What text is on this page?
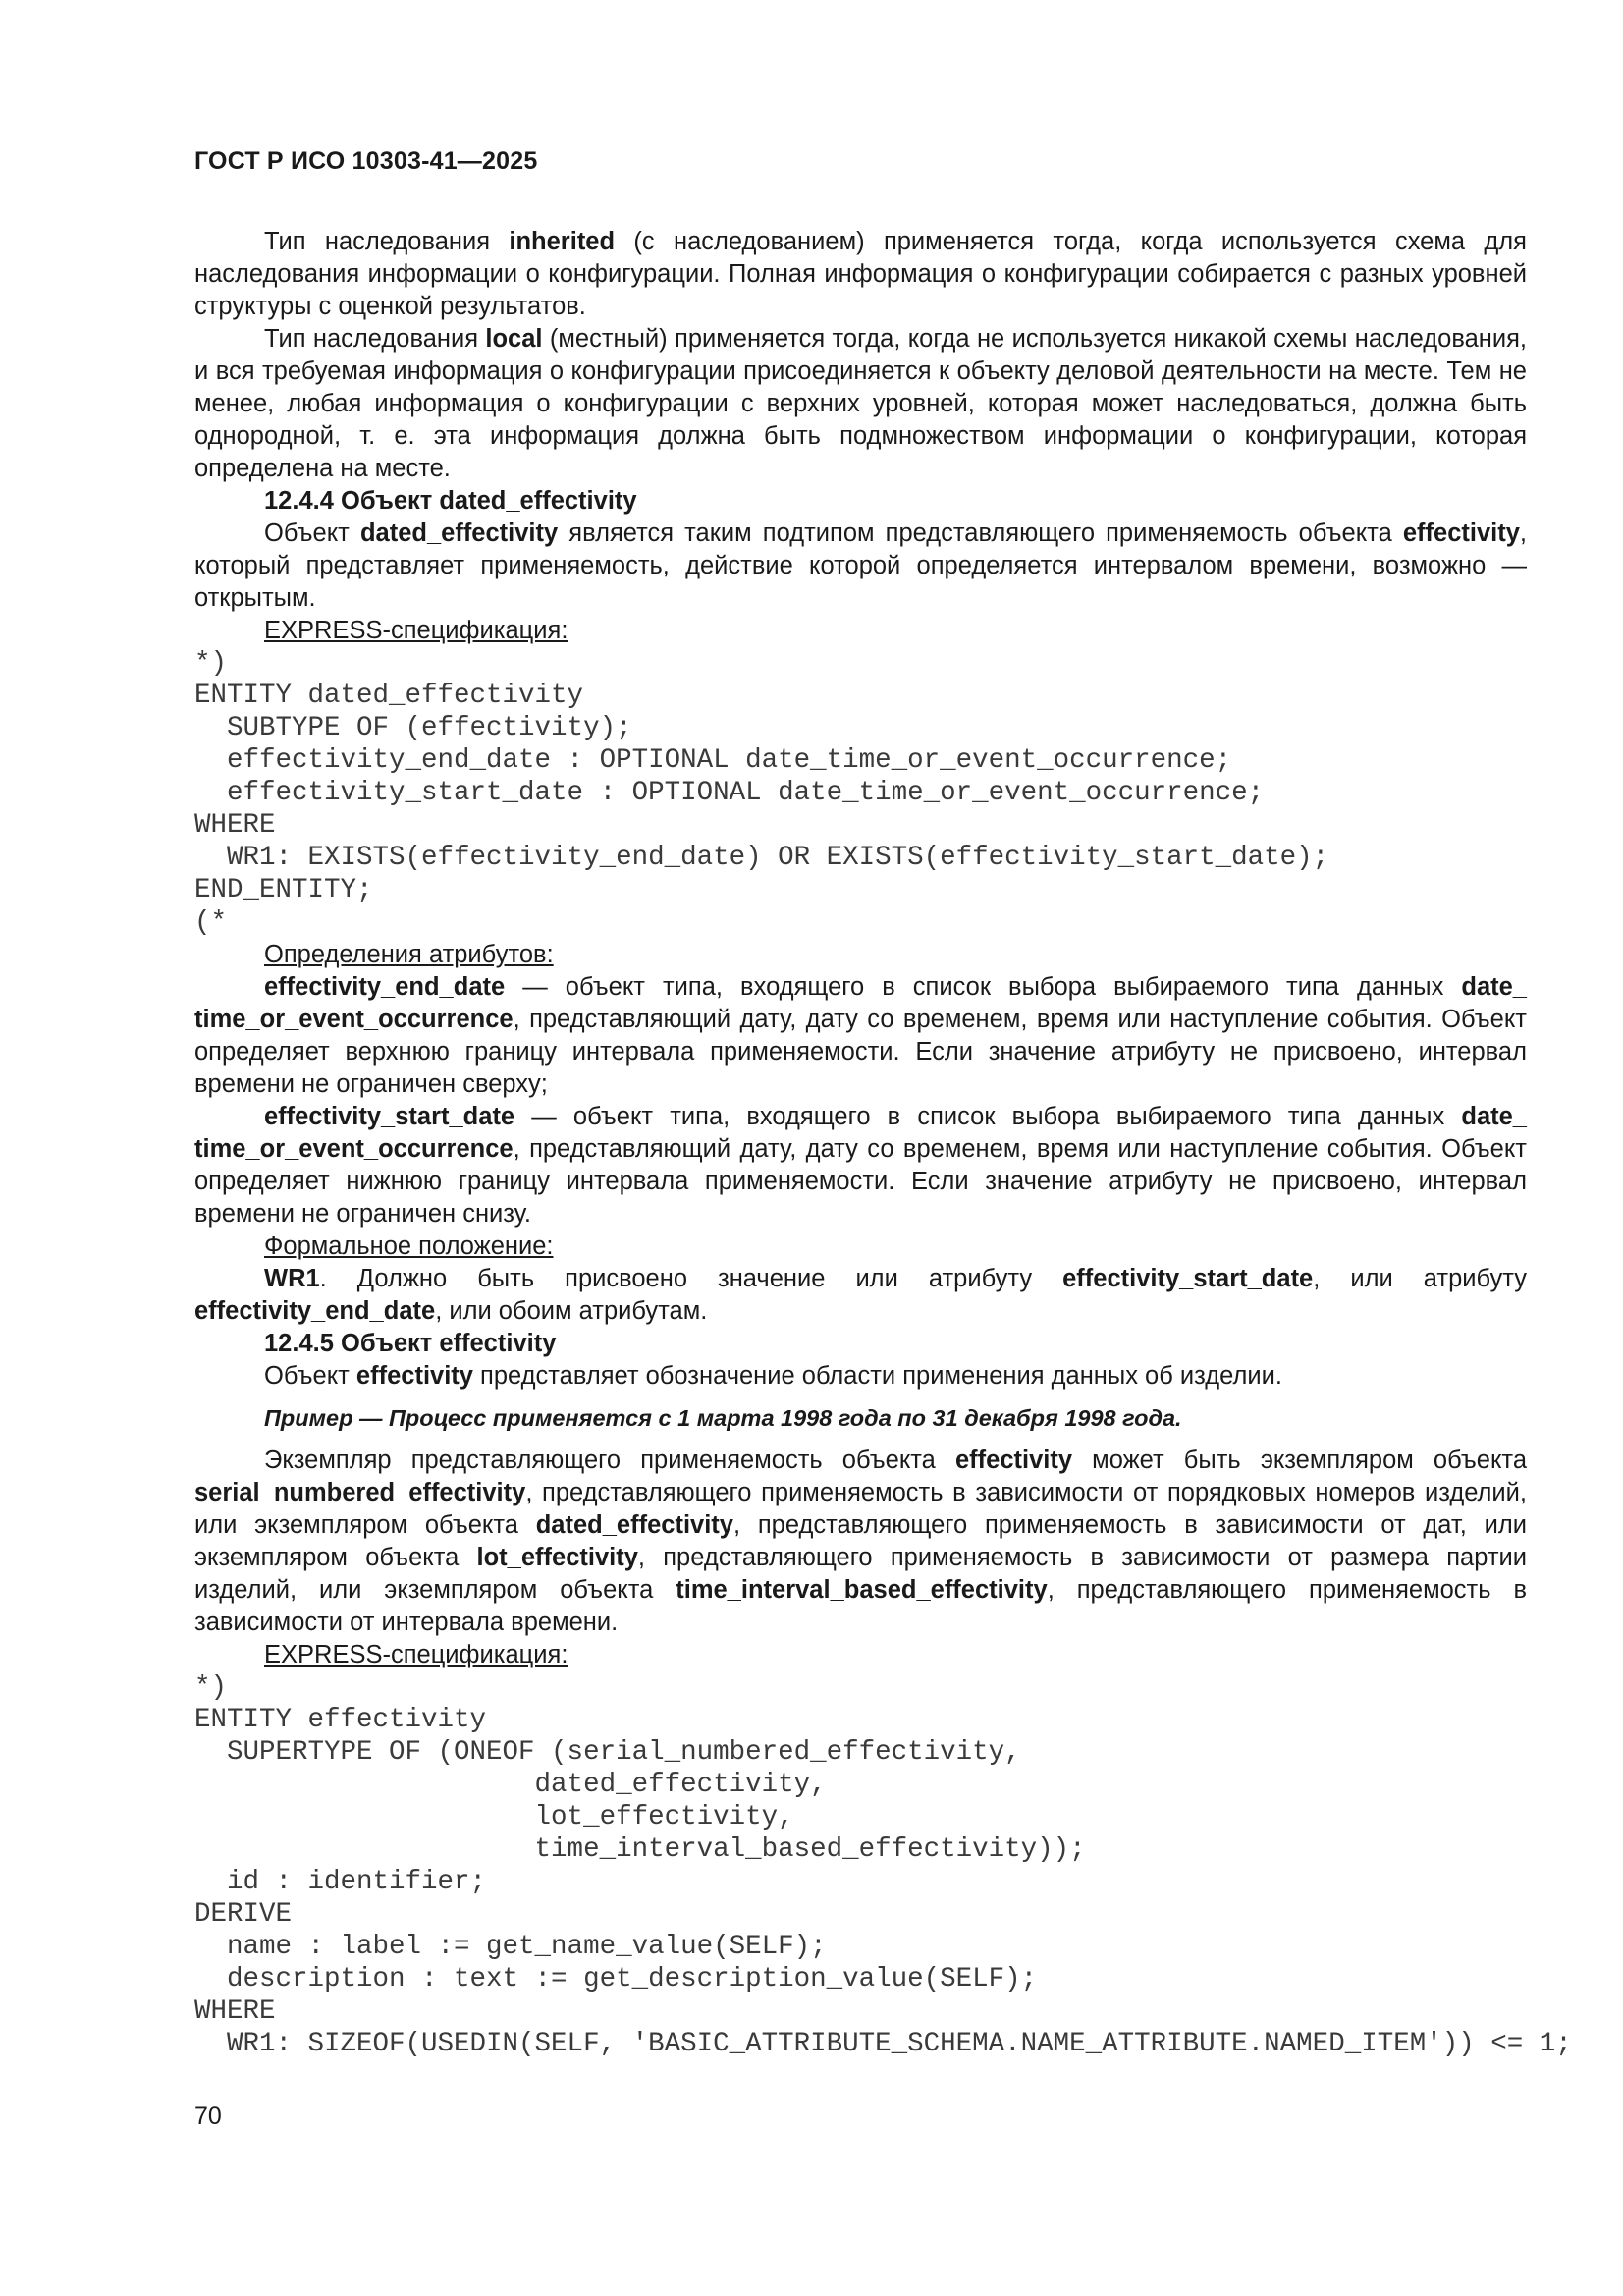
ГОСТ Р ИСО 10303-41—2025

Тип наследования inherited (с наследованием) применяется тогда, когда используется схема для наследования информации о конфигурации. Полная информация о конфигурации собирается с разных уровней структуры с оценкой результатов.

Тип наследования local (местный) применяется тогда, когда не используется никакой схемы наследования, и вся требуемая информация о конфигурации присоединяется к объекту деловой деятельности на месте. Тем не менее, любая информация о конфигурации с верхних уровней, которая может наследоваться, должна быть однородной, т. е. эта информация должна быть подмножеством информации о конфигурации, которая определена на месте.

12.4.4 Объект dated_effectivity

Объект dated_effectivity является таким подтипом представляющего применяемость объекта effectivity, который представляет применяемость, действие которой определяется интервалом времени, возможно — открытым.

EXPRESS-спецификация:

*)
ENTITY dated_effectivity
SUBTYPE OF (effectivity);
effectivity_end_date : OPTIONAL date_time_or_event_occurrence;
effectivity_start_date : OPTIONAL date_time_or_event_occurrence;
WHERE
WR1: EXISTS(effectivity_end_date) OR EXISTS(effectivity_start_date);
END_ENTITY;
(*

Определения атрибутов:

effectivity_end_date — объект типа, входящего в список выбора выбираемого типа данных date_ time_or_event_occurrence, представляющий дату, дату со временем, время или наступление события. Объект определяет верхнюю границу интервала применяемости. Если значение атрибуту не присвоено, интервал времени не ограничен сверху;

effectivity_start_date — объект типа, входящего в список выбора выбираемого типа данных date_ time_or_event_occurrence, представляющий дату, дату со временем, время или наступление события. Объект определяет нижнюю границу интервала применяемости. Если значение атрибуту не присвоено, интервал времени не ограничен снизу.

Формальное положение:

WR1. Должно быть присвоено значение или атрибуту effectivity_start_date, или атрибуту effectivity_end_date, или обоим атрибутам.

12.4.5 Объект effectivity

Объект effectivity представляет обозначение области применения данных об изделии.

Пример — Процесс применяется с 1 марта 1998 года по 31 декабря 1998 года.

Экземпляр представляющего применяемость объекта effectivity может быть экземпляром объекта serial_numbered_effectivity, представляющего применяемость в зависимости от порядковых номеров изделий, или экземпляром объекта dated_effectivity, представляющего применяемость в зависимости от дат, или экземпляром объекта lot_effectivity, представляющего применяемость в зависимости от размера партии изделий, или экземпляром объекта time_interval_based_effectivity, представляющего применяемость в зависимости от интервала времени.

EXPRESS-спецификация:

*)
ENTITY effectivity
SUPERTYPE OF (ONEOF (serial_numbered_effectivity,
dated_effectivity,
lot_effectivity,
time_interval_based_effectivity));
id : identifier;
DERIVE
name : label := get_name_value(SELF);
description : text := get_description_value(SELF);
WHERE
WR1: SIZEOF(USEDIN(SELF, 'BASIC_ATTRIBUTE_SCHEMA.NAME_ATTRIBUTE.NAMED_ITEM')) <= 1;
70
